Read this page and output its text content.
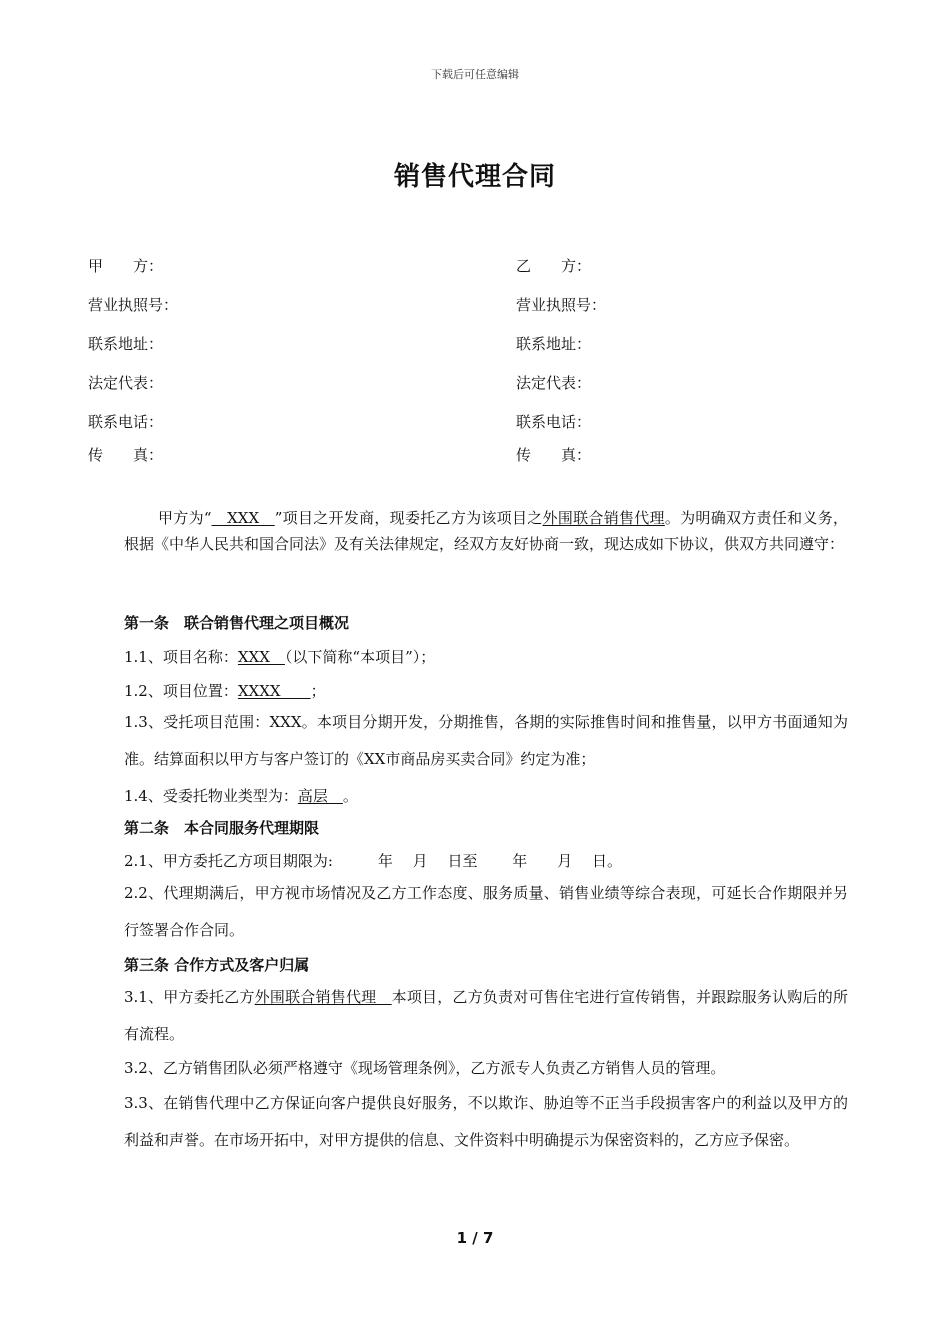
下载后可任意编辑
销售代理合同
甲　　方：
营业执照号：
联系地址：
法定代表：
联系电话：
传　　真：
乙　　方：
营业执照号：
联系地址：
法定代表：
联系电话：
传　　真：
甲方为“　XXX　”项目之开发商，现委托乙方为该项目之外围联合销售代理。为明确双方责任和义务，根据《中华人民共和国合同法》及有关法律规定，经双方友好协商一致，现达成如下协议，供双方共同遵守：
第一条　联合销售代理之项目概况
1.1、项目名称：XXX　（以下简称“本项目”）；
1.2、项目位置：XXXX　　；
1.3、受托项目范围：XXX。本项目分期开发，分期推售，各期的实际推售时间和推售量，以甲方书面通知为准。结算面积以甲方与客户签订的《XX市商品房买卖合同》约定为准；
1.4、受委托物业类型为：高层　。
第二条　本合同服务代理期限
2.1、甲方委托乙方项目期限为:　　　年　 月　 日至　　 年　　月　 日。
2.2、代理期满后，甲方视市场情况及乙方工作态度、服务质量、销售业绩等综合表现，可延长合作期限并另行签署合作合同。
第三条 合作方式及客户归属
3.1、甲方委托乙方外围联合销售代理　本项目，乙方负责对可售住宅进行宣传销售，并跟踪服务认购后的所有流程。
3.2、乙方销售团队必须严格遵守《现场管理条例》，乙方派专人负责乙方销售人员的管理。
3.3、在销售代理中乙方保证向客户提供良好服务，不以欺诈、胁迫等不正当手段损害客户的利益以及甲方的利益和声誉。在市场开拓中，对甲方提供的信息、文件资料中明确提示为保密资料的，乙方应予保密。
1 / 7
